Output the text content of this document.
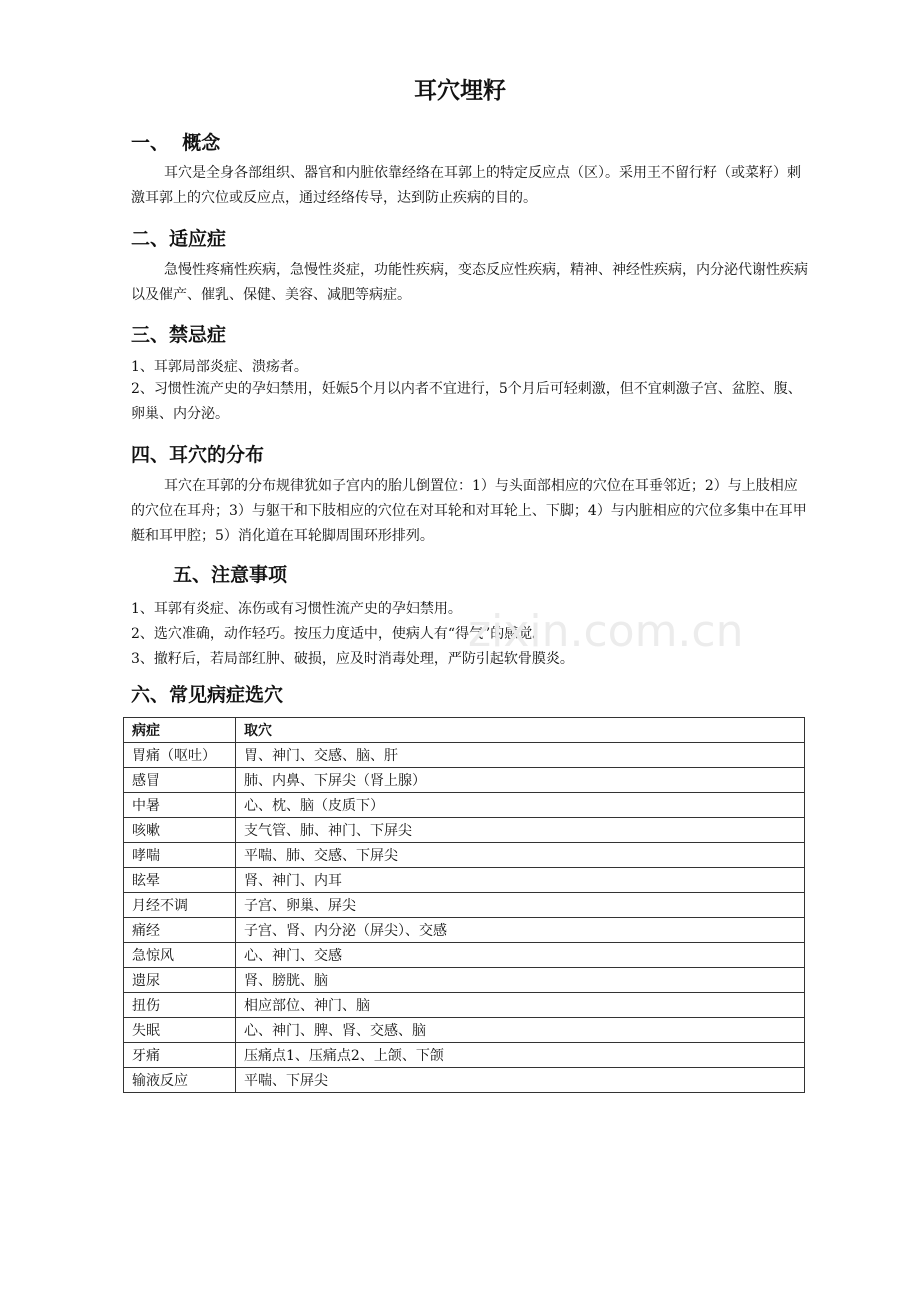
耳穴埋籽
一、  概念
耳穴是全身各部组织、器官和内脏依靠经络在耳郭上的特定反应点（区）。采用王不留行籽（或菜籽）刺激耳郭上的穴位或反应点，通过经络传导，达到防止疾病的目的。
二、适应症
急慢性疼痛性疾病，急慢性炎症，功能性疾病，变态反应性疾病，精神、神经性疾病，内分泌代谢性疾病以及催产、催乳、保健、美容、减肥等病症。
三、禁忌症
1、耳郭局部炎症、溃疡者。
2、习惯性流产史的孕妇禁用，妊娠5个月以内者不宜进行，5个月后可轻刺激，但不宜刺激子宫、盆腔、腹、卵巢、内分泌。
四、耳穴的分布
耳穴在耳郭的分布规律犹如子宫内的胎儿倒置位：1）与头面部相应的穴位在耳垂邻近；2）与上肢相应的穴位在耳舟；3）与躯干和下肢相应的穴位在对耳轮和对耳轮上、下脚；4）与内脏相应的穴位多集中在耳甲艇和耳甲腔；5）消化道在耳轮脚周围环形排列。
五、注意事项
1、耳郭有炎症、冻伤或有习惯性流产史的孕妇禁用。
2、选穴准确，动作轻巧。按压力度适中，使病人有“得气”的感觉。
3、撤籽后，若局部红肿、破损，应及时消毒处理，严防引起软骨膜炎。
zixin.com.cn
六、常见病症选穴
病症	取穴
胃痛（呕吐）	胃、神门、交感、脑、肝
感冒	肺、内鼻、下屏尖（肾上腺）
中暑	心、枕、脑（皮质下）
咳嗽	支气管、肺、神门、下屏尖
哮喘	平喘、肺、交感、下屏尖
眩晕	肾、神门、内耳
月经不调	子宫、卵巢、屏尖
痛经	子宫、肾、内分泌（屏尖）、交感
急惊风	心、神门、交感
遗尿	肾、膀胱、脑
扭伤	相应部位、神门、脑
失眠	心、神门、脾、肾、交感、脑
牙痛	压痛点1、压痛点2、上颌、下颌
输液反应	平喘、下屏尖
